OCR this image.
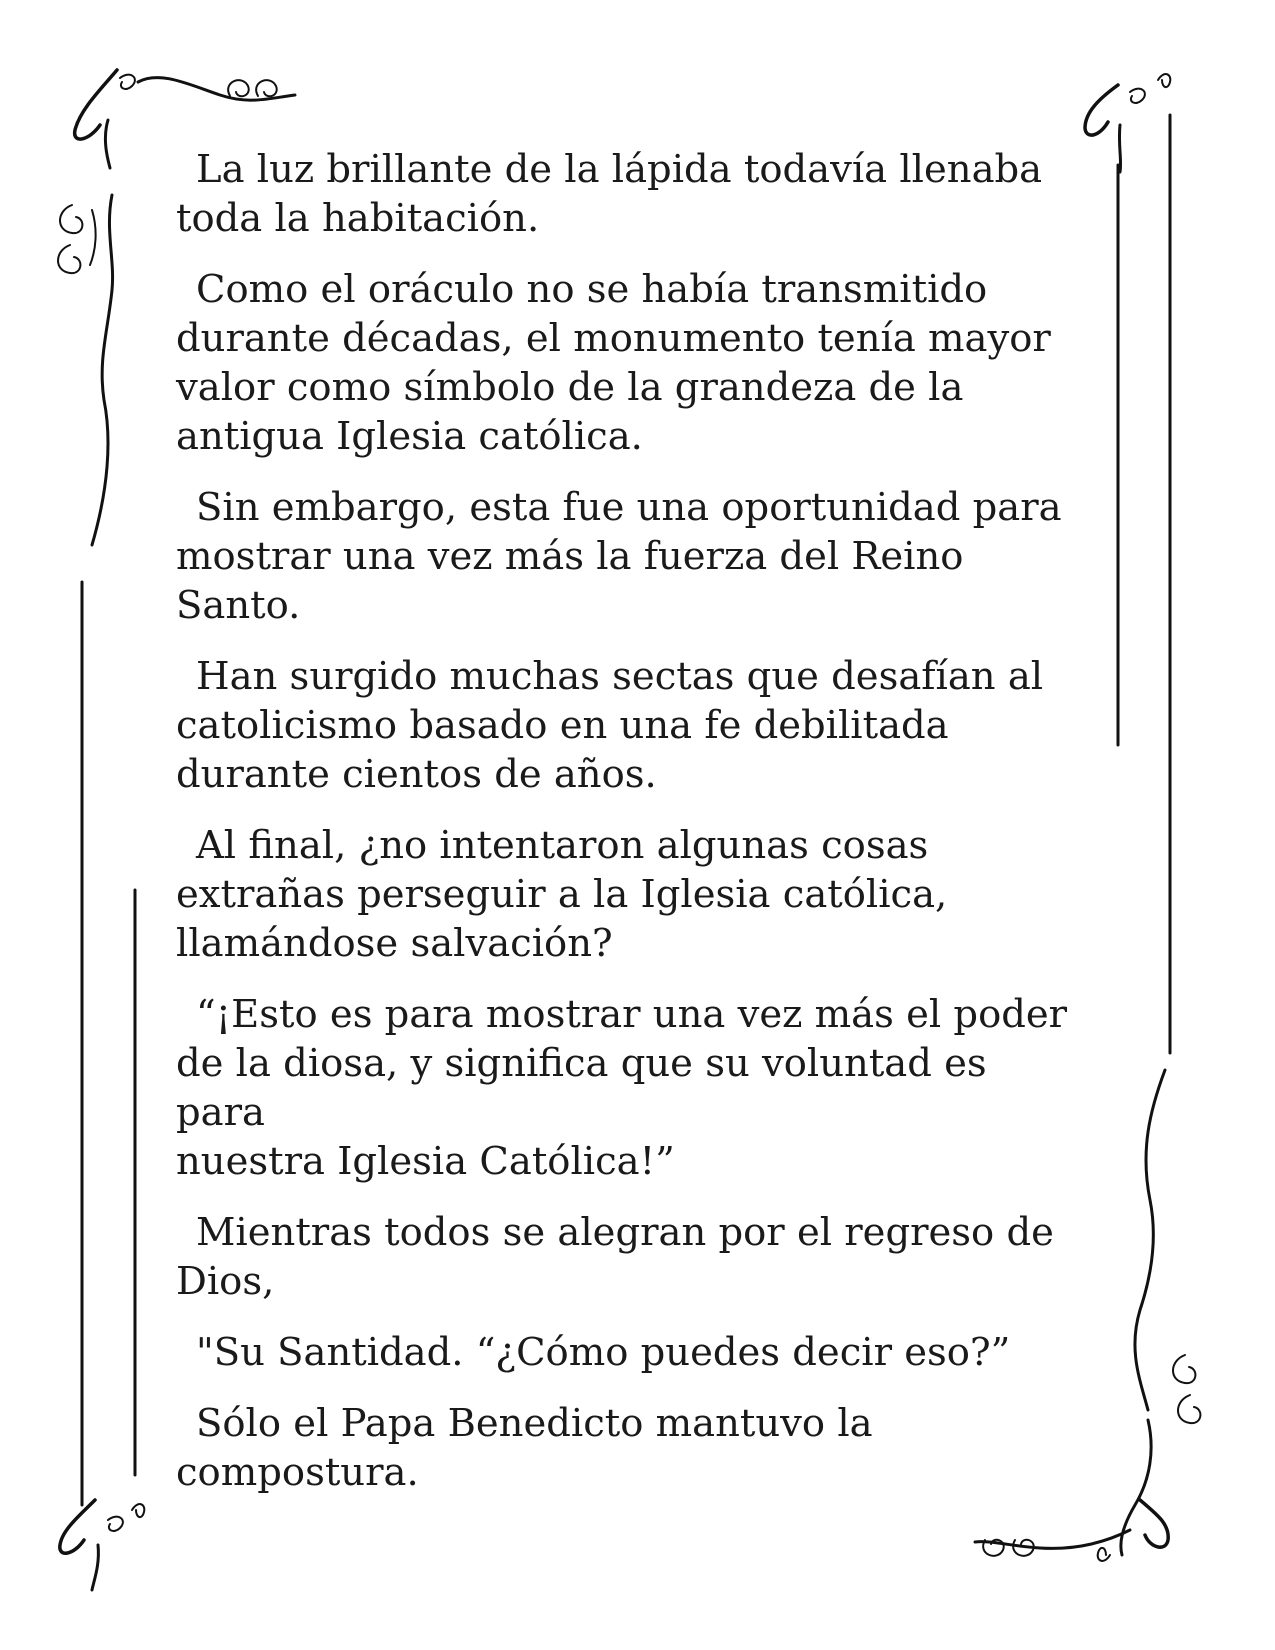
La luz brillante de la lápida todavía llenaba
toda la habitación.

Como el oráculo no se había transmitido
durante décadas, el monumento tenía mayor
valor como símbolo de la grandeza de la
antigua Iglesia católica.

Sin embargo, esta fue una oportunidad para
mostrar una vez más la fuerza del Reino
Santo.

Han surgido muchas sectas que desafían al
catolicismo basado en una fe debilitada
durante cientos de años.

Al final, ¿no intentaron algunas cosas
extrañas perseguir a la Iglesia católica,
llamándose salvación?

“¡Esto es para mostrar una vez más el poder
de la diosa, y significa que su voluntad es para
nuestra Iglesia Católica!”

Mientras todos se alegran por el regreso de
Dios,

"Su Santidad. “¿Cómo puedes decir eso?”

Sólo el Papa Benedicto mantuvo la
compostura.
